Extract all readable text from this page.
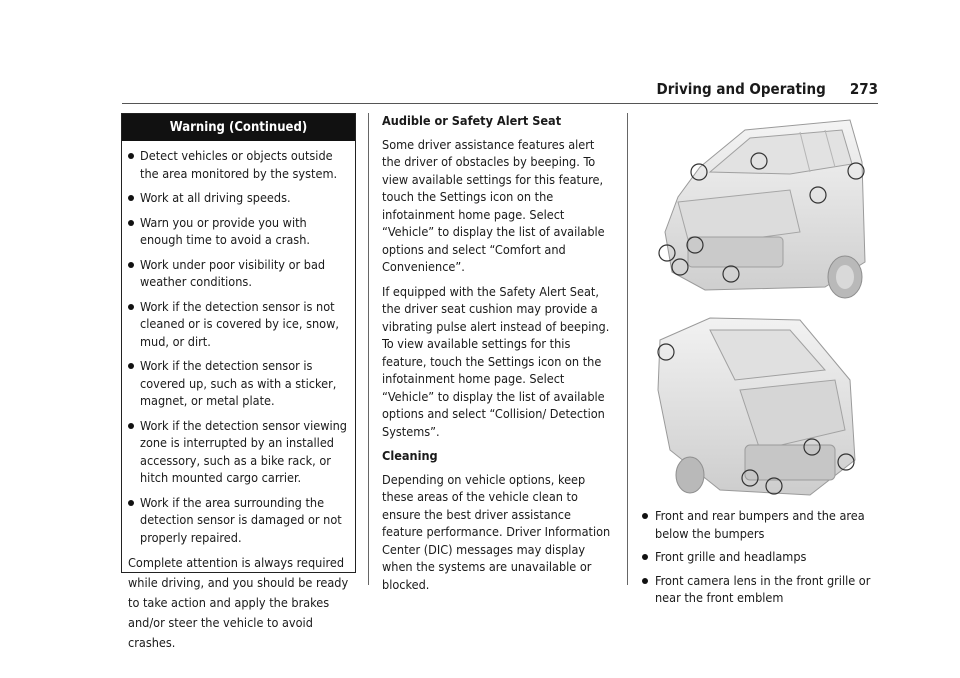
Driving and Operating 273
Warning (Continued)
Detect vehicles or objects outside the area monitored by the system.
Work at all driving speeds.
Warn you or provide you with enough time to avoid a crash.
Work under poor visibility or bad weather conditions.
Work if the detection sensor is not cleaned or is covered by ice, snow, mud, or dirt.
Work if the detection sensor is covered up, such as with a sticker, magnet, or metal plate.
Work if the detection sensor viewing zone is interrupted by an installed accessory, such as a bike rack, or hitch mounted cargo carrier.
Work if the area surrounding the detection sensor is damaged or not properly repaired.

Complete attention is always required while driving, and you should be ready to take action and apply the brakes and/or steer the vehicle to avoid crashes.

Audible or Safety Alert Seat

Some driver assistance features alert the driver of obstacles by beeping. To view available settings for this feature, touch the Settings icon on the infotainment home page. Select “Vehicle” to display the list of available options and select “Comfort and Convenience”.

If equipped with the Safety Alert Seat, the driver seat cushion may provide a vibrating pulse alert instead of beeping. To view available settings for this feature, touch the Settings icon on the infotainment home page. Select “Vehicle” to display the list of available options and select “Collision/ Detection Systems”.

Cleaning

Depending on vehicle options, keep these areas of the vehicle clean to ensure the best driver assistance feature performance. Driver Information Center (DIC) messages may display when the systems are unavailable or blocked.

Front and rear bumpers and the area below the bumpers
Front grille and headlamps
Front camera lens in the front grille or near the front emblem
